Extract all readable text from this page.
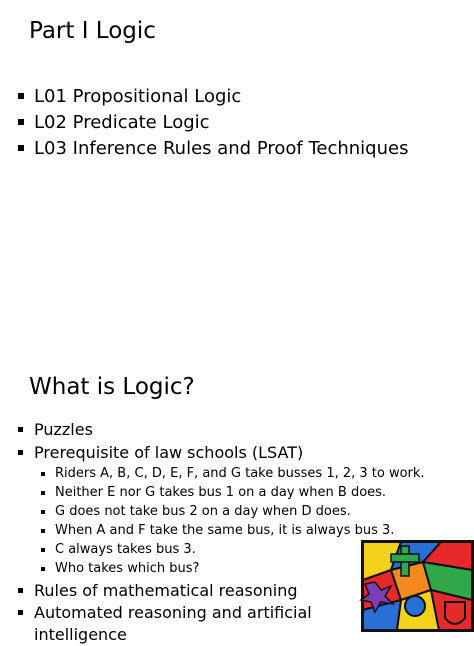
Part I Logic
L01 Propositional Logic
L02 Predicate Logic
L03 Inference Rules and Proof Techniques
What is Logic?
Puzzles
Prerequisite of law schools (LSAT)
Riders A, B, C, D, E, F, and G take busses 1, 2, 3 to work.
Neither E nor G takes bus 1 on a day when B does.
G does not take bus 2 on a day when D does.
When A and F take the same bus, it is always bus 3.
C always takes bus 3.
Who takes which bus?
Rules of mathematical reasoning
Automated reasoning and artificial intelligence
